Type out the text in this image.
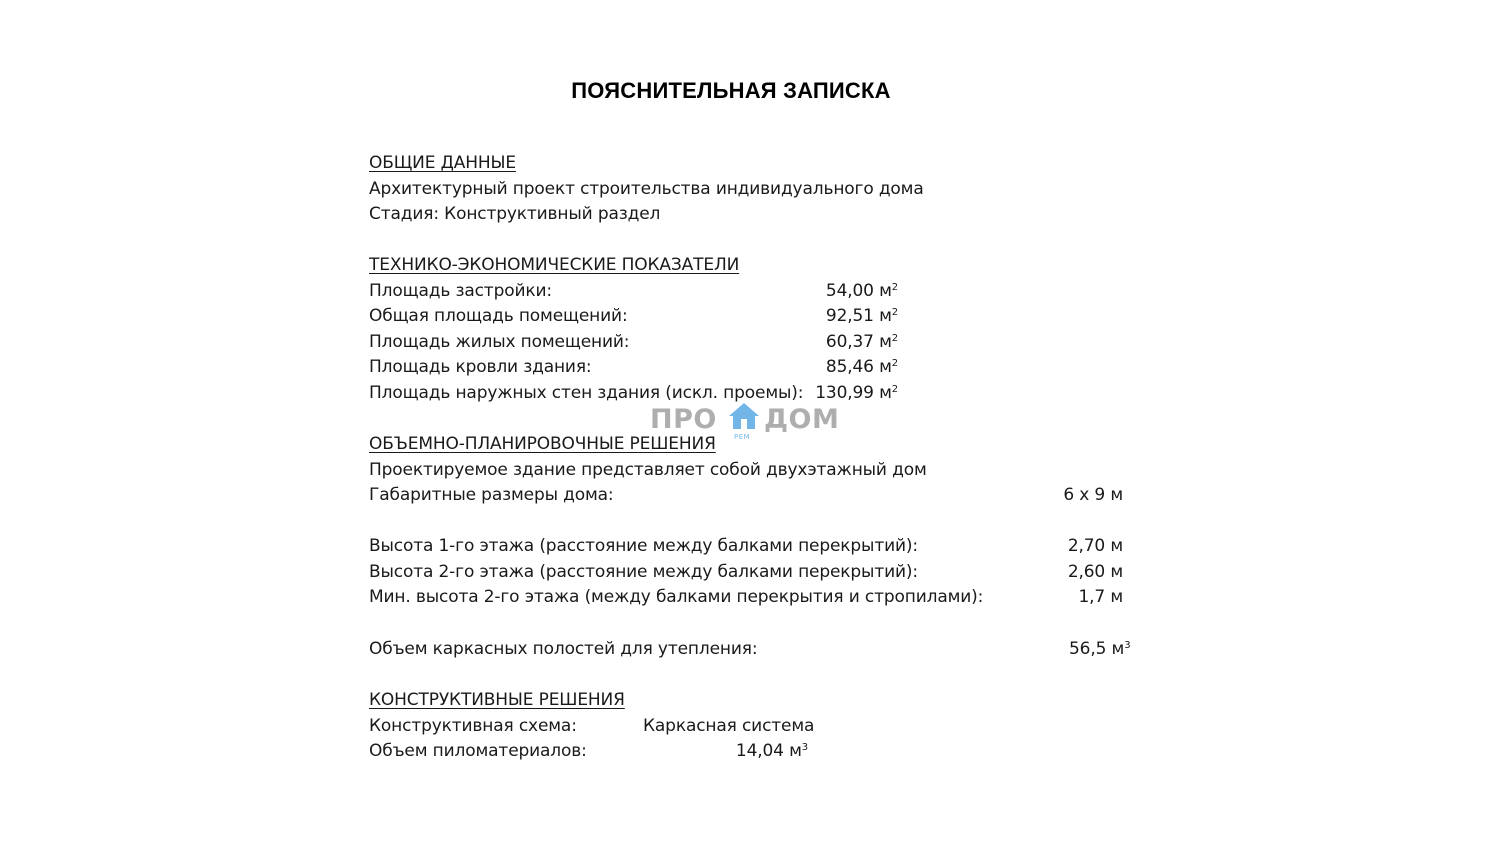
ПОЯСНИТЕЛЬНАЯ ЗАПИСКА
ОБЩИЕ ДАННЫЕ
Архитектурный проект строительства индивидуального дома
Стадия: Конструктивный раздел
ТЕХНИКО-ЭКОНОМИЧЕСКИЕ ПОКАЗАТЕЛИ
Площадь застройки:	54,00 $м^2$
Общая площадь помещений:	92,51 $м^2$
Площадь жилых помещений:	60,37 $м^2$
Площадь кровли здания:	85,46 $м^2$
Площадь наружных стен здания (искл. проемы): 130,99 $м^2$
ПРО ДОМ
РЕМ
ОБЪЕМНО-ПЛАНИРОВОЧНЫЕ РЕШЕНИЯ
Проектируемое здание представляет собой двухэтажный дом
Габаритные размеры дома:	6 х 9 м
Высота 1-го этажа (расстояние между балками перекрытий):	2,70 м
Высота 2-го этажа (расстояние между балками перекрытий):	2,60 м
Мин. высота 2-го этажа (между балками перекрытия и стропилами):	1,7 м
Объем каркасных полостей для утепления:	56,5 $м^3$
КОНСТРУКТИВНЫЕ РЕШЕНИЯ
Конструктивная схема:	Каркасная система
Объем пиломатериалов:	14,04 $м^3$
